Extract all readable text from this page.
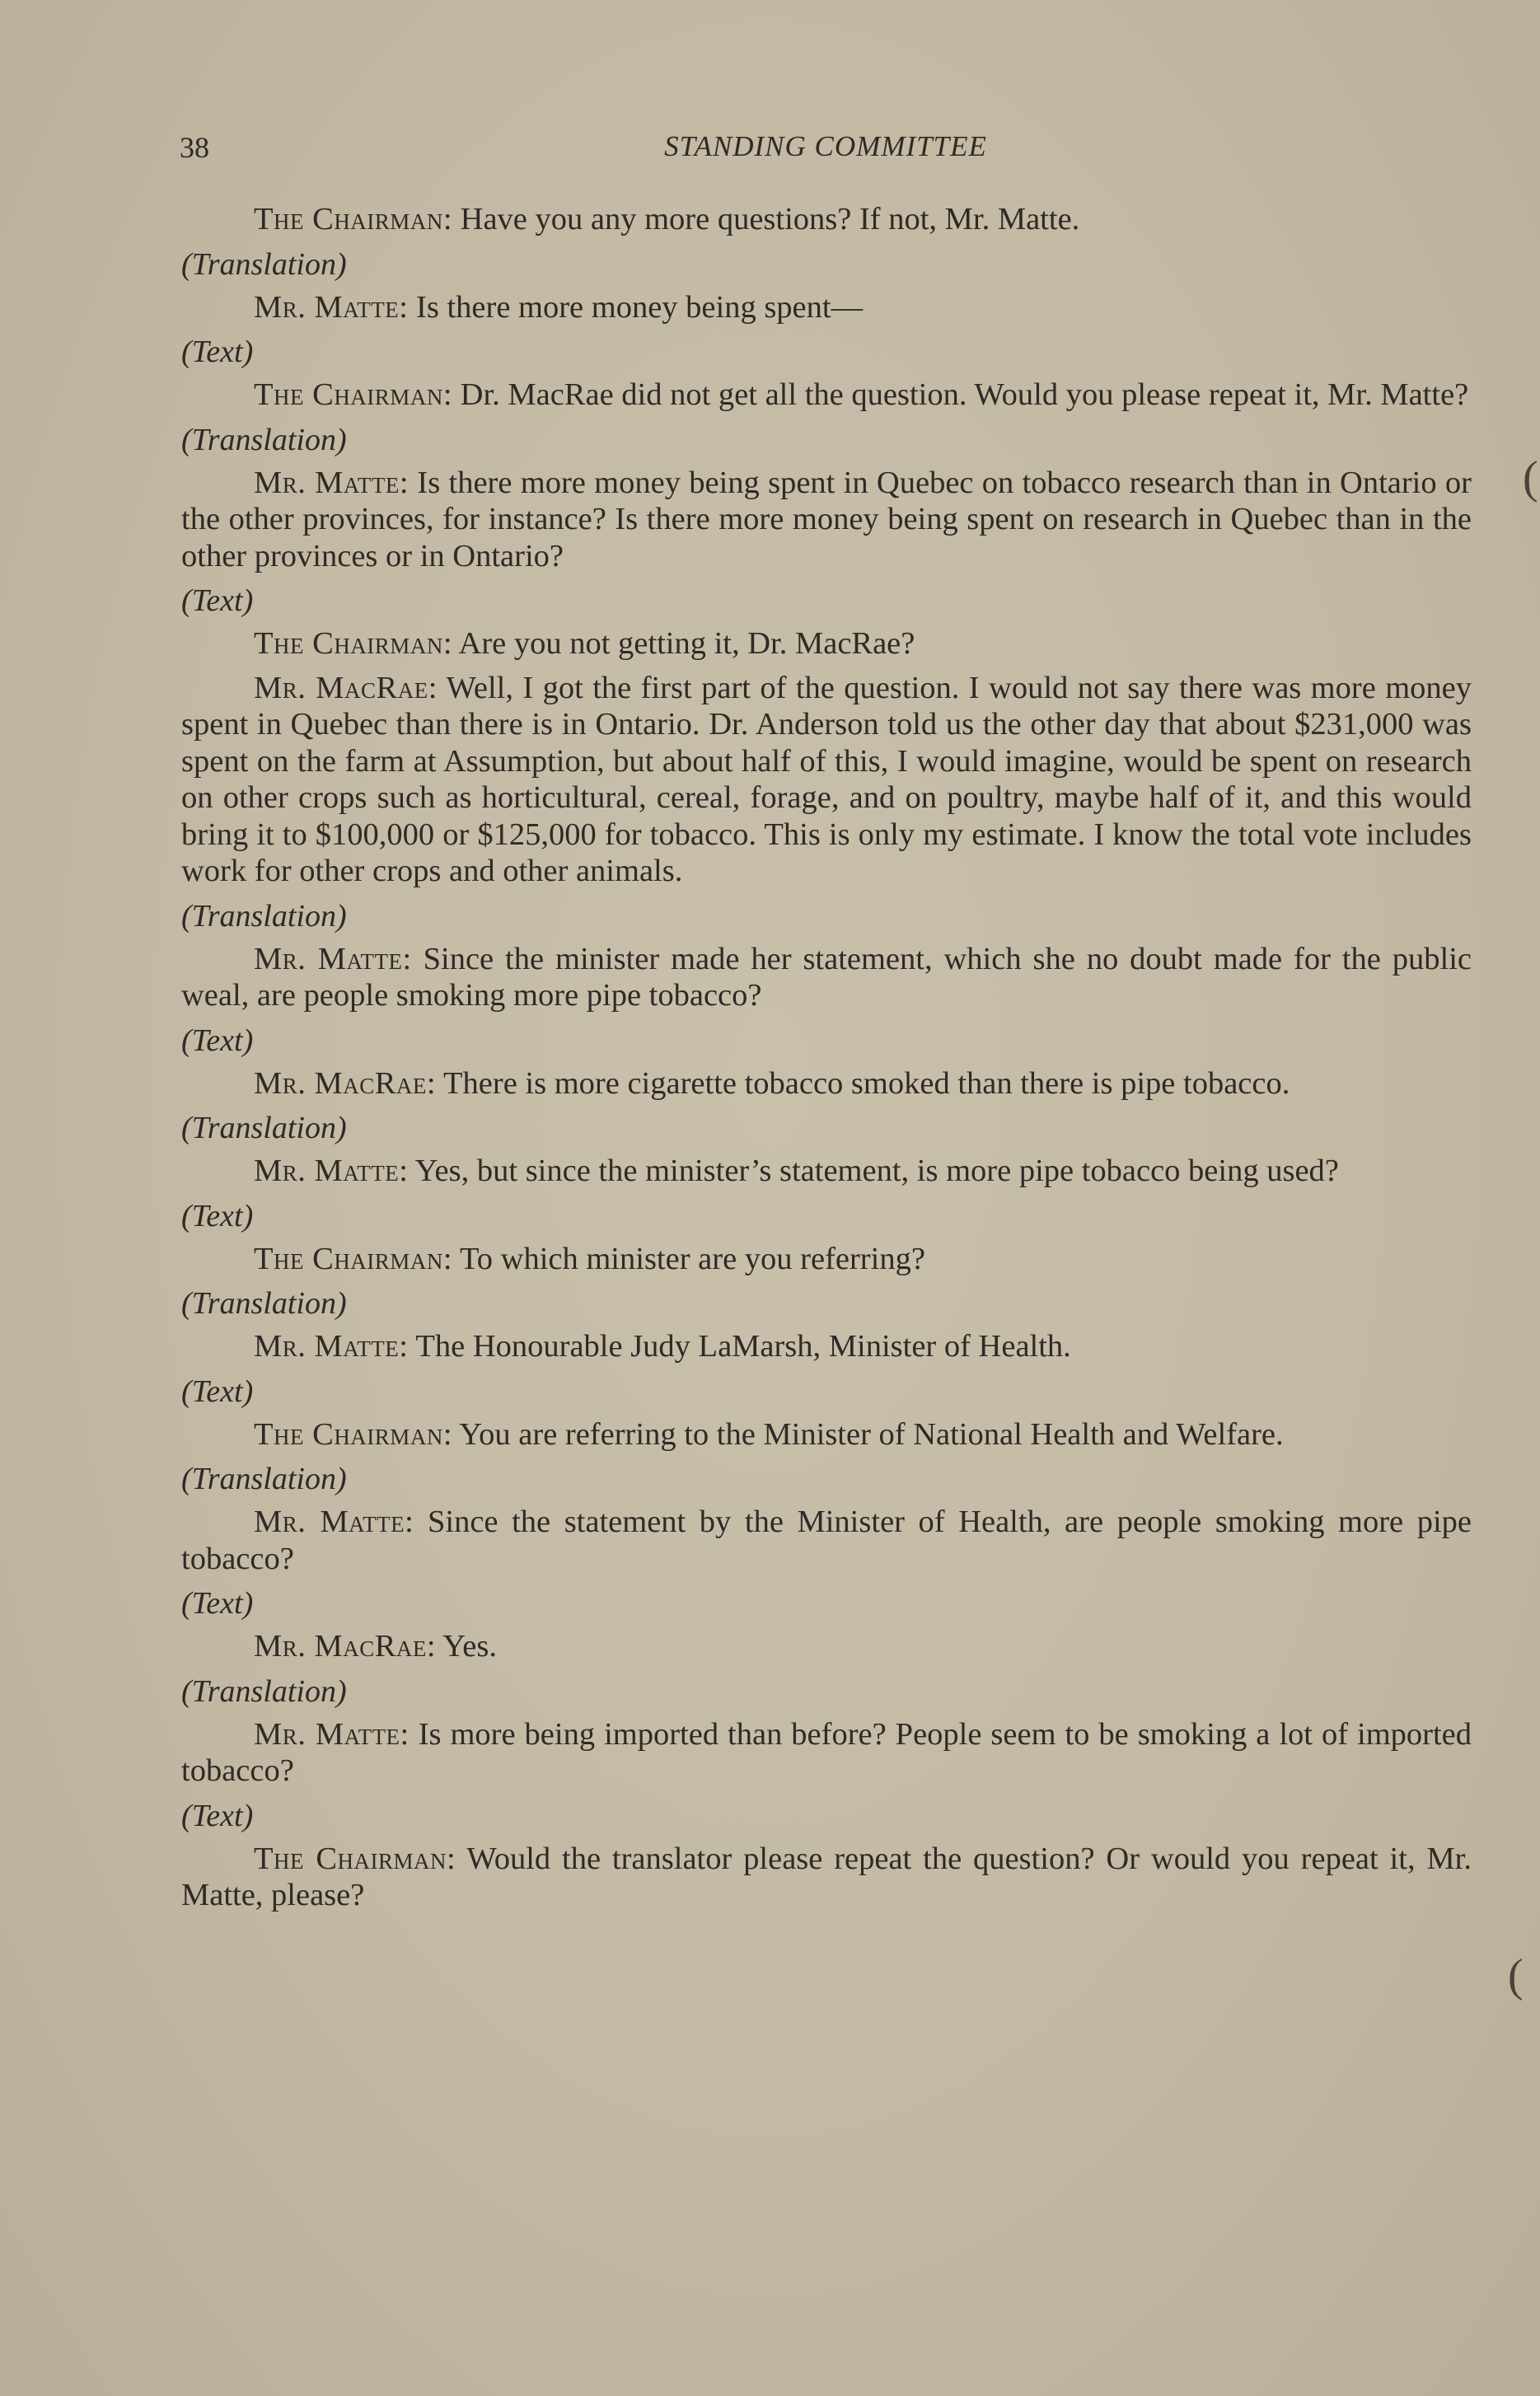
38	STANDING COMMITTEE

The Chairman: Have you any more questions? If not, Mr. Matte.

(Translation)

Mr. Matte: Is there more money being spent—

(Text)

The Chairman: Dr. MacRae did not get all the question. Would you please repeat it, Mr. Matte?

(Translation)

Mr. Matte: Is there more money being spent in Quebec on tobacco research than in Ontario or the other provinces, for instance? Is there more money being spent on research in Quebec than in the other provinces or in Ontario?

(Text)

The Chairman: Are you not getting it, Dr. MacRae?

Mr. MacRae: Well, I got the first part of the question. I would not say there was more money spent in Quebec than there is in Ontario. Dr. Anderson told us the other day that about $231,000 was spent on the farm at Assumption, but about half of this, I would imagine, would be spent on research on other crops such as horticultural, cereal, forage, and on poultry, maybe half of it, and this would bring it to $100,000 or $125,000 for tobacco. This is only my estimate. I know the total vote includes work for other crops and other animals.

(Translation)

Mr. Matte: Since the minister made her statement, which she no doubt made for the public weal, are people smoking more pipe tobacco?

(Text)

Mr. MacRae: There is more cigarette tobacco smoked than there is pipe tobacco.

(Translation)

Mr. Matte: Yes, but since the minister’s statement, is more pipe tobacco being used?

(Text)

The Chairman: To which minister are you referring?

(Translation)

Mr. Matte: The Honourable Judy LaMarsh, Minister of Health.

(Text)

The Chairman: You are referring to the Minister of National Health and Welfare.

(Translation)

Mr. Matte: Since the statement by the Minister of Health, are people smoking more pipe tobacco?

(Text)

Mr. MacRae: Yes.

(Translation)

Mr. Matte: Is more being imported than before? People seem to be smoking a lot of imported tobacco?

(Text)

The Chairman: Would the translator please repeat the question? Or would you repeat it, Mr. Matte, please?

(
(
